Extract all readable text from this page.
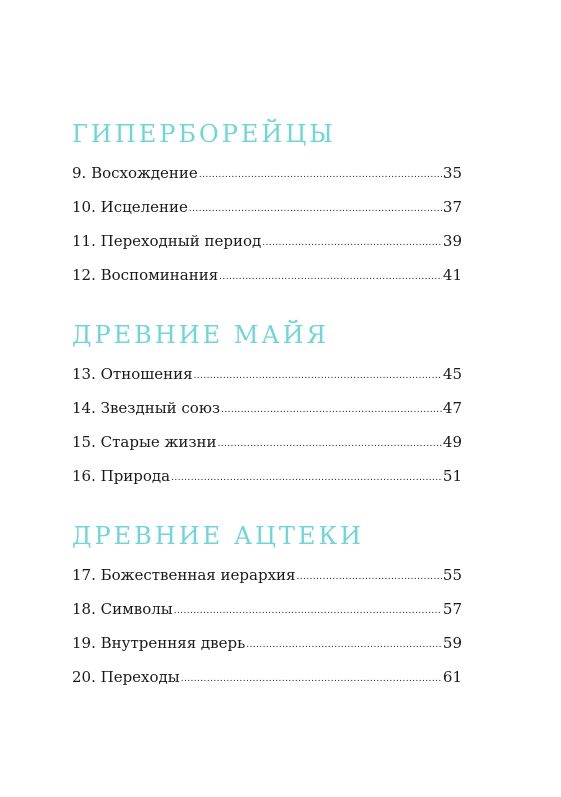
ГИПЕРБОРЕЙЦЫ
9. Восхождение .....	35
10. Исцеление .....	37
11. Переходный период .....	39
12. Воспоминания .....	41
ДРЕВНИЕ МАЙЯ
13. Отношения .....	45
14. Звездный союз .....	47
15. Старые жизни .....	49
16. Природа .....	51
ДРЕВНИЕ АЦТЕКИ
17. Божественная иерархия .....	55
18. Символы .....	57
19. Внутренняя дверь .....	59
20. Переходы .....	61
